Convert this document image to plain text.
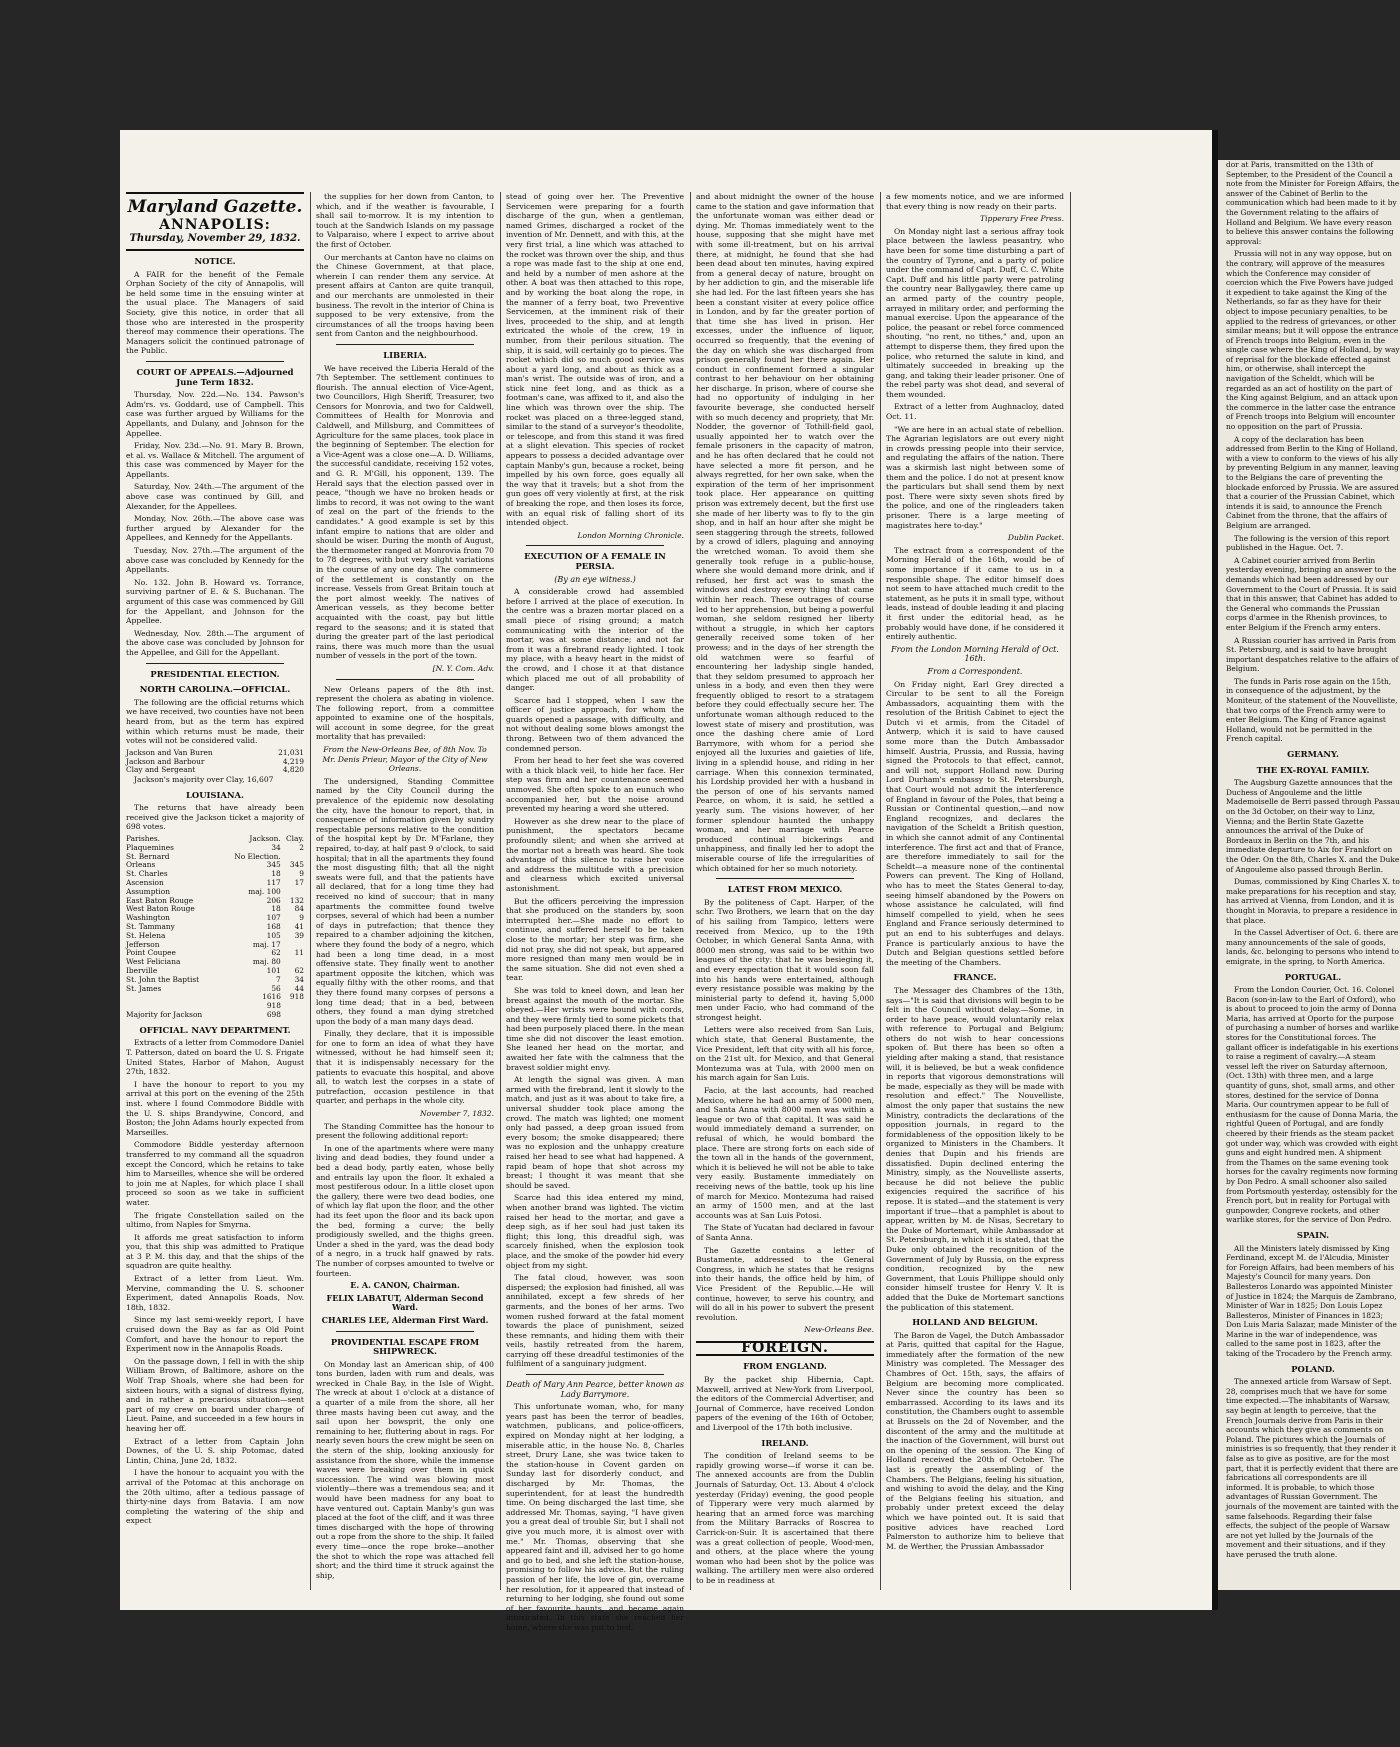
Maryland Gazette.
ANNAPOLIS:
Thursday, November 29, 1832.
NOTICE.

A FAIR for the benefit of the Female Orphan Society of the city of Annapolis, will be held some time in the ensuing winter at the usual place. The Managers of said Society, give this notice, in order that all those who are interested in the prosperity thereof may commence their operations. The Managers solicit the continued patronage of the Public.

COURT OF APPEALS.—Adjourned June Term 1832.

Thursday, Nov. 22d.—No. 134. Pawson's Adm'rs. vs. Goddard, use of Campbell. This case was further argued by Williams for the Appellants, and Dulany, and Johnson for the Appellee.

Friday, Nov. 23d.—No. 91. Mary B. Brown, et al. vs. Wallace & Mitchell. The argument of this case was commenced by Mayer for the Appellants.

Saturday, Nov. 24th.—The argument of the above case was continued by Gill, and Alexander, for the Appellees.

Monday, Nov. 26th.—The above case was further argued by Alexander for the Appellees, and Kennedy for the Appellants.

Tuesday, Nov. 27th.—The argument of the above case was concluded by Kennedy for the Appellants.

No. 132. John B. Howard vs. Torrance, surviving partner of E. & S. Buchanan. The argument of this case was commenced by Gill for the Appellant, and Johnson for the Appellee.

Wednesday, Nov. 28th.—The argument of the above case was concluded by Johnson for the Appellee, and Gill for the Appellant.

PRESIDENTIAL ELECTION.
NORTH CAROLINA.—OFFICIAL.

The following are the official returns which we have received, two counties have not been heard from, but as the term has expired within which returns must be made, their votes will not be considered valid.

Jackson and Van Buren	21,031
Jackson and Barbour	4,219
Clay and Sergeant	4,820

Jackson's majority over Clay, 16,607

LOUISIANA.

The returns that have already been received give the Jackson ticket a majority of 698 votes.

Parishes.	Jackson.	Clay.
Plaquemines	34	2
St. Bernard	No Election.	
Orleans	345	345
St. Charles	18	9
Ascension	117	17
Assumption	maj. 100	
East Baton Rouge	206	132
West Baton Rouge	18	84
Washington	107	9
St. Tammany	168	41
St. Helena	105	39
Jefferson	maj. 17	
Point Coupee	62	11
West Feliciana	maj. 80	
Iberville	101	62
St. John the Baptist	7	34
St. James	56	44
	1616	918
	918	
Majority for Jackson	698	
OFFICIAL. NAVY DEPARTMENT.

Extracts of a letter from Commodore Daniel T. Patterson, dated on board the U. S. Frigate United States, Harbor of Mahon, August 27th, 1832.

I have the honour to report to you my arrival at this port on the evening of the 25th inst. where I found Commodore Biddle with the U. S. ships Brandywine, Concord, and Boston; the John Adams hourly expected from Marseilles.

Commodore Biddle yesterday afternoon transferred to my command all the squadron except the Concord, which he retains to take him to Marseilles, whence she will be ordered to join me at Naples, for which place I shall proceed so soon as we take in sufficient water.

The frigate Constellation sailed on the ultimo, from Naples for Smyrna.

It affords me great satisfaction to inform you, that this ship was admitted to Pratique at 3 P. M. this day, and that the ships of the squadron are quite healthy.

Extract of a letter from Lieut. Wm. Mervine, commanding the U. S. schooner Experiment, dated Annapolis Roads, Nov. 18th, 1832.

Since my last semi-weekly report, I have cruised down the Bay as far as Old Point Comfort, and have the honour to report the Experiment now in the Annapolis Roads.

On the passage down, I fell in with the ship William Brown, of Baltimore, ashore on the Wolf Trap Shoals, where she had been for sixteen hours, with a signal of distress flying, and in rather a precarious situation—sent part of my crew on board under charge of Lieut. Paine, and succeeded in a few hours in heaving her off.

Extract of a letter from Captain John Downes, of the U. S. ship Potomac, dated Lintin, China, June 2d, 1832.

I have the honour to acquaint you with the arrival of the Potomac at this anchorage on the 20th ultimo, after a tedious passage of thirty-nine days from Batavia. I am now completing the watering of the ship and expect

the supplies for her down from Canton, to which, and if the weather is favourable, I shall sail to-morrow. It is my intention to touch at the Sandwich Islands on my passage to Valparaiso, where I expect to arrive about the first of October.

Our merchants at Canton have no claims on the Chinese Government, at that place, wherein I can render them any service. At present affairs at Canton are quite tranquil, and our merchants are unmolested in their business. The revolt in the interior of China is supposed to be very extensive, from the circumstances of all the troops having been sent from Canton and the neighbourhood.

LIBERIA.

We have received the Liberia Herald of the 7th September. The settlement continues to flourish. The annual election of Vice-Agent, two Councillors, High Sheriff, Treasurer, two Censors for Monrovia, and two for Caldwell, Committees of Health for Monrovia and Caldwell, and Millsburg, and Committees of Agriculture for the same places, took place in the beginning of September. The election for a Vice-Agent was a close one—A. D. Williams, the successful candidate, receiving 152 votes, and G. R. M'Gill, his opponent, 139. The Herald says that the election passed over in peace, "though we have no broken heads or limbs to record, it was not owing to the want of zeal on the part of the friends to the candidates." A good example is set by this infant empire to nations that are older and should be wiser. During the month of August, the thermometer ranged at Monrovia from 70 to 78 degrees, with but very slight variations in the course of any one day. The commerce of the settlement is constantly on the increase. Vessels from Great Britain touch at the port almost weekly. The natives of American vessels, as they become better acquainted with the coast, pay but little regard to the seasons; and it is stated that during the greater part of the last periodical rains, there was much more than the usual number of vessels in the port of the town.

[N. Y. Com. Adv.

New Orleans papers of the 8th inst. represent the cholera as abating in violence. The following report, from a committee appointed to examine one of the hospitals, will account in some degree, for the great mortality that has prevailed:

From the New-Orleans Bee, of 8th Nov. To Mr. Denis Prieur, Mayor of the City of New Orleans.

The undersigned, Standing Committee named by the City Council during the prevalence of the epidemic now desolating the city, have the honour to report, that, in consequence of information given by sundry respectable persons relative to the condition of the hospital kept by Dr. M'Farlane, they repaired, to-day, at half past 9 o'clock, to said hospital; that in all the apartments they found the most disgusting filth; that all the night sweats were full, and that the patients have all declared, that for a long time they had received no kind of succour; that in many apartments the committee found twelve corpses, several of which had been a number of days in putrefaction; that thence they repaired to a chamber adjoining the kitchen, where they found the body of a negro, which had been a long time dead, in a most offensive state. They finally went to another apartment opposite the kitchen, which was equally filthy with the other rooms, and that they there found many corpses of persons a long time dead; that in a bed, between others, they found a man dying stretched upon the body of a man many days dead.

Finally, they declare, that it is impossible for one to form an idea of what they have witnessed, without he had himself seen it; that it is indispensably necessary for the patients to evacuate this hospital, and above all, to watch lest the corpses in a state of putrefaction, occasion pestilence in that quarter, and perhaps in the whole city.

November 7, 1832.

The Standing Committee has the honour to present the following additional report:

In one of the apartments where were many living and dead bodies, they found under a bed a dead body, partly eaten, whose belly and entrails lay upon the floor. It exhaled a most pestiferous odour. In a little closet upon the gallery, there were two dead bodies, one of which lay flat upon the floor, and the other had its feet upon the floor and its back upon the bed, forming a curve; the belly prodigiously swelled, and the thighs green. Under a shed in the yard, was the dead body of a negro, in a truck half gnawed by rats. The number of corpses amounted to twelve or fourteen.

E. A. CANON, Chairman.
FELIX LABATUT, Alderman Second Ward.
CHARLES LEE, Alderman First Ward.
PROVIDENTIAL ESCAPE FROM SHIPWRECK.

On Monday last an American ship, of 400 tons burden, laden with rum and deals, was wrecked in Chale Bay, in the Isle of Wight. The wreck at about 1 o'clock at a distance of a quarter of a mile from the shore, all her three masts having been cut away, and the sail upon her bowsprit, the only one remaining to her, fluttering about in rags. For nearly seven hours the crew might be seen on the stern of the ship, looking anxiously for assistance from the shore, while the immense waves were breaking over them in quick succession. The wind was blowing most violently—there was a tremendous sea; and it would have been madness for any boat to have ventured out. Captain Manby's gun was placed at the foot of the cliff, and it was three times discharged with the hope of throwing out a rope from the shore to the ship. It failed every time—once the rope broke—another the shot to which the rope was attached fell short; and the third time it struck against the ship,

stead of going over her. The Preventive Servicemen were preparing for a fourth discharge of the gun, when a gentleman, named Grimes, discharged a rocket of the invention of Mr. Dennett, and with this, at the very first trial, a line which was attached to the rocket was thrown over the ship, and thus a rope was made fast to the ship at one end, and held by a number of men ashore at the other. A boat was then attached to this rope, and by working the boat along the rope, in the manner of a ferry boat, two Preventive Servicemen, at the imminent risk of their lives, proceeded to the ship, and at length extricated the whole of the crew, 19 in number, from their perilous situation. The ship, it is said, will certainly go to pieces. The rocket which did so much good service was about a yard long, and about as thick as a man's wrist. The outside was of iron, and a stick nine feet long, and as thick as a footman's cane, was affixed to it, and also the line which was thrown over the ship. The rocket was placed on a three-legged stand, similar to the stand of a surveyor's theodolite, or telescope, and from this stand it was fired at a slight elevation. This species of rocket appears to possess a decided advantage over captain Manby's gun, because a rocket, being impelled by his own force, goes equally all the way that it travels; but a shot from the gun goes off very violently at first, at the risk of breaking the rope, and then loses its force, with an equal risk of falling short of its intended object.

London Morning Chronicle.
EXECUTION OF A FEMALE IN PERSIA.
(By an eye witness.)

A considerable crowd had assembled before I arrived at the place of execution. In the centre was a brazen mortar placed on a small piece of rising ground; a match communicating with the interior of the mortar, was at some distance; and not far from it was a firebrand ready lighted. I took my place, with a heavy heart in the midst of the crowd, and I chose it at that distance which placed me out of all probability of danger.

Scarce had I stopped, when I saw the officer of justice approach, for whom the guards opened a passage, with difficulty, and not without dealing some blows amongst the throng. Between two of them advanced the condemned person.

From her head to her feet she was covered with a thick black veil, to hide her face. Her step was firm and her countenance seemed unmoved. She often spoke to an eunuch who accompanied her, but the noise around prevented my hearing a word she uttered.

However as she drew near to the place of punishment, the spectators became profoundly silent; and when she arrived at the mortar not a breath was heard. She took advantage of this silence to raise her voice and address the multitude with a precision and clearness which excited universal astonishment.

But the officers perceiving the impression that she produced on the standers by, soon interrupted her.—She made no effort to continue, and suffered herself to be taken close to the mortar; her step was firm, she did not pray, she did not speak, but appeared more resigned than many men would be in the same situation. She did not even shed a tear.

She was told to kneel down, and lean her breast against the mouth of the mortar. She obeyed.—Her wrists were bound with cords, and they were firmly tied to some pickets that had been purposely placed there. In the mean time she did not discover the least emotion. She leaned her head on the mortar, and awaited her fate with the calmness that the bravest soldier might envy.

At length the signal was given. A man armed with the firebrand, lent it slowly to the match, and just as it was about to take fire, a universal shudder took place among the crowd. The match was lighted; one moment only had passed, a deep groan issued from every bosom; the smoke disappeared; there was no explosion and the unhappy creature raised her head to see what had happened. A rapid beam of hope that shot across my breast; I thought it was meant that she should be saved.

Scarce had this idea entered my mind, when another brand was lighted. The victim raised her head to the mortar, and gave a deep sigh, as if her soul had just taken its flight; this long, this dreadful sigh, was scarcely finished, when the explosion took place, and the smoke of the powder hid every object from my sight.

The fatal cloud, however, was soon dispersed; the explosion had finished, all was annihilated, except a few shreds of her garments, and the bones of her arms. Two women rushed forward at the fatal moment towards the place of punishment, seized these remnants, and hiding them with their veils, hastily retreated from the harem, carrying off these dreadful testimonies of the fulfilment of a sanguinary judgment.

Death of Mary Ann Pearce, better known as Lady Barrymore.

This unfortunate woman, who, for many years past has been the terror of beadles, watchmen, publicans, and police-officers, expired on Monday night at her lodging, a miserable attic, in the house No. 8, Charles street, Drury Lane, she was twice taken to the station-house in Covent garden on Sunday last for disorderly conduct, and discharged by Mr. Thomas, the superintendent, for at least the hundredth time. On being discharged the last time, she addressed Mr. Thomas, saying, "I have given you a great deal of trouble Sir, but I shall not give you much more, it is almost over with me." Mr. Thomas, observing that she appeared faint and ill, advised her to go home and go to bed, and she left the station-house, promising to follow his advice. But the ruling passion of her life, the love of gin, overcame her resolution, for it appeared that instead of returning to her lodging, she found out some of her favourite haunts, and became again intoxicated. In this state she reached her home, where she was put to bed,

and about midnight the owner of the house came to the station and gave information that the unfortunate woman was either dead or dying. Mr. Thomas immediately went to the house, supposing that she might have met with some ill-treatment, but on his arrival there, at midnight, he found that she had been dead about ten minutes, having expired from a general decay of nature, brought on by her addiction to gin, and the miserable life she had led. For the last fifteen years she has been a constant visiter at every police office in London, and by far the greater portion of that time she has lived in prison. Her excesses, under the influence of liquor, occurred so frequently, that the evening of the day on which she was discharged from prison generally found her there again. Her conduct in confinement formed a singular contrast to her behaviour on her obtaining her discharge. In prison, where of course she had no opportunity of indulging in her favourite beverage, she conducted herself with so much decency and propriety, that Mr. Nodder, the governor of Tothill-field gaol, usually appointed her to watch over the female prisoners in the capacity of matron, and he has often declared that he could not have selected a more fit person, and he always regretted, for her own sake, when the expiration of the term of her imprisonment took place. Her appearance on quitting prison was extremely decent, but the first use she made of her liberty was to fly to the gin shop, and in half an hour after she might be seen staggering through the streets, followed by a crowd of idlers, plaguing and annoying the wretched woman. To avoid them she generally took refuge in a public-house, where she would demand more drink, and if refused, her first act was to smash the windows and destroy every thing that came within her reach. These outrages of course led to her apprehension, but being a powerful woman, she seldom resigned her liberty without a struggle, in which her captors generally received some token of her prowess; and in the days of her strength the old watchmen were so fearful of encountering her ladyship single handed, that they seldom presumed to approach her unless in a body, and even then they were frequently obliged to resort to a stratagem before they could effectually secure her. The unfortunate woman although reduced to the lowest state of misery and prostitution, was once the dashing chere amie of Lord Barrymore, with whom for a period she enjoyed all the luxuries and gaieties of life, living in a splendid house, and riding in her carriage. When this connexion terminated, his Lordship provided her with a husband in the person of one of his servants named Pearce, on whom, it is said, he settled a yearly sum. The visions however, of her former splendour haunted the unhappy woman, and her marriage with Pearce produced continual bickerings and unhappiness, and finally led her to adopt the miserable course of life the irregularities of which obtained for her so much notoriety.

LATEST FROM MEXICO.

By the politeness of Capt. Harper, of the schr. Two Brothers, we learn that on the day of his sailing from Tampico, letters were received from Mexico, up to the 19th October, in which General Santa Anna, with 8000 men strong, was said to be within two leagues of the city: that he was besieging it, and every expectation that it would soon fall into his hands were entertained, although every resistance possible was making by the ministerial party to defend it, having 5,000 men under Facio, who had command of the strongest height.

Letters were also received from San Luis, which state, that General Bustamente, the Vice President, left that city with all his force, on the 21st ult. for Mexico, and that General Montezuma was at Tula, with 2000 men on his march again for San Luis.

Facio, at the last accounts, had reached Mexico, where he had an army of 5000 men, and Santa Anna with 8000 men was within a league or two of that capital. It was said he would immediately demand a surrender, on refusal of which, he would bombard the place. There are strong forts on each side of the town all in the hands of the government, which it is believed he will not be able to take very easily. Bustamente immediately on receiving news of the battle, took up his line of march for Mexico. Montezuma had raised an army of 1500 men, and at the last accounts was at San Luis Potosi.

The State of Yucatan had declared in favour of Santa Anna.

The Gazette contains a letter of Bustamente, addressed to the General Congress, in which he states that he resigns into their hands, the office held by him, of Vice President of the Republic.—He will continue, however, to serve his country, and will do all in his power to subvert the present revolution.

New-Orleans Bee.
FOREIGN.
FROM ENGLAND.

By the packet ship Hibernia, Capt. Maxwell, arrived at New-York from Liverpool, the editors of the Commercial Advertiser, and Journal of Commerce, have received London papers of the evening of the 16th of October, and Liverpool of the 17th both inclusive.

IRELAND.

The condition of Ireland seems to be rapidly growing worse—if worse it can be. The annexed accounts are from the Dublin Journals of Saturday, Oct. 13. About 4 o'clock yesterday (Friday) evening, the good people of Tipperary were very much alarmed by hearing that an armed force was marching from the Military Barracks of Roscrea to Carrick-on-Suir. It is ascertained that there was a great collection of people, Wood-men, and others, at the place where the young woman who had been shot by the police was walking. The artillery men were also ordered to be in readiness at

a few moments notice, and we are informed that every thing is now ready on their parts.

Tipperary Free Press.

On Monday night last a serious affray took place between the lawless peasantry, who have been for some time disturbing a part of the country of Tyrone, and a party of police under the command of Capt. Duff, C. C. White Capt. Duff and his little party were patroling the country near Ballygawley, there came up an armed party of the country people, arrayed in military order, and performing the manual exercise. Upon the appearance of the police, the peasant or rebel force commenced shouting, "no rent, no tithes," and, upon an attempt to disperse them, they fired upon the police, who returned the salute in kind, and ultimately succeeded in breaking up the gang, and taking their leader prisoner. One of the rebel party was shot dead, and several of them wounded.

Extract of a letter from Aughnacloy, dated Oct. 11.

"We are here in an actual state of rebellion. The Agrarian legislators are out every night in crowds pressing people into their service, and regulating the affairs of the nation. There was a skirmish last night between some of them and the police. I do not at present know the particulars but shall send them by next post. There were sixty seven shots fired by the police, and one of the ringleaders taken prisoner. There is a large meeting of magistrates here to-day."

Dublin Packet.

The extract from a correspondent of the Morning Herald of the 16th, would be of some importance if it came to us in a responsible shape. The editor himself does not seem to have attached much credit to the statement, as he puts it in small type, without leads, instead of double leading it and placing it first under the editorial head, as he probably would have done, if he considered it entirely authentic.

From the London Morning Herald of Oct. 16th.
From a Correspondent.

On Friday night, Earl Grey directed a Circular to be sent to all the Foreign Ambassadors, acquainting them with the resolution of the British Cabinet to eject the Dutch vi et armis, from the Citadel of Antwerp, which it is said to have caused some more than the Dutch Ambassador himself. Austria, Prussia, and Russia, having signed the Protocols to that effect, cannot, and will not, support Holland now. During Lord Durham's embassy to St. Petersburgh, that Court would not admit the interference of England in favour of the Poles, that being a Russian or Continental question,—and now England recognizes, and declares the navigation of the Scheldt a British question, in which she cannot admit of any Continental interference. The first act and that of France, are therefore immediately to sail for the Scheldt—a measure none of the continental Powers can prevent. The King of Holland, who has to meet the States General to-day, seeing himself abandoned by the Powers on whose assistance he calculated, will find himself compelled to yield, when he sees England and France seriously determined to put an end to his subterfuges and delays. France is particularly anxious to have the Dutch and Belgian questions settled before the meeting of the Chambers.

FRANCE.

The Messager des Chambres of the 13th, says—"It is said that divisions will begin to be felt in the Council without delay.—Some, in order to have peace, would voluntarily relax with reference to Portugal and Belgium; others do not wish to hear concessions spoken of. But there has been so often a yielding after making a stand, that resistance will, it is believed, be but a weak confidence in reports that vigorous demonstrations will be made, especially as they will be made with resolution and effect." The Nouvelliste, almost the only paper that sustains the new Ministry, contradicts the declarations of the opposition journals, in regard to the formidableness of the opposition likely to be organized to Ministers in the Chambers. It denies that Dupin and his friends are dissatisfied. Dupin declined entering the Ministry, simply, as the Nouvelliste asserts, because he did not believe the public exigencies required the sacrifice of his repose. It is stated—and the statement is very important if true—that a pamphlet is about to appear, written by M. de Nisas, Secretary to the Duke of Mortemart, while Ambassador at St. Petersburgh, in which it is stated, that the Duke only obtained the recognition of the Government of July by Russia, on the express condition, recognized by the new Government, that Louis Phillippe should only consider himself trustee for Henry V. It is added that the Duke de Mortemart sanctions the publication of this statement.

HOLLAND AND BELGIUM.

The Baron de Vagel, the Dutch Ambassador at Paris, quitted that capital for the Hague, immediately after the formation of the new Ministry was completed. The Messager des Chambres of Oct. 15th, says, the affairs of Belgium are becoming more complicated. Never since the country has been so embarrassed. According to its laws and its constitution, the Chambers ought to assemble at Brussels on the 2d of November, and the discontent of the army and the multitude at the inaction of the Government, will burst out on the opening of the session. The King of Holland received the 20th of October. The last is greatly the assembling of the Chambers. The Belgians, feeling his situation, and wishing to avoid the delay, and the King of the Belgians feeling his situation, and probably under pretext exceed the delay which we have pointed out. It is said that positive advices have reached Lord Palmerston to authorize him to believe that M. de Werther, the Prussian Ambassador

dor at Paris, transmitted on the 13th of September, to the President of the Council a note from the Minister for Foreign Affairs, the answer of the Cabinet of Berlin to the communication which had been made to it by the Government relating to the affairs of Holland and Belgium. We have every reason to believe this answer contains the following approval:

Prussia will not in any way oppose, but on the contrary, will approve of the measures which the Conference may consider of coercion which the Five Powers have judged it expedient to take against the King of the Netherlands, so far as they have for their object to impose pecuniary penalties, to be applied to the redress of grievances, or other similar means; but it will oppose the entrance of French troops into Belgium, even in the single case where the King of Holland, by way of reprisal for the blockade effected against him, or otherwise, shall intercept the navigation of the Scheldt, which will be regarded as an act of hostility on the part of the King against Belgium, and an attack upon the commerce in the latter case the entrance of French troops into Belgium will encounter no opposition on the part of Prussia.

A copy of the declaration has been addressed from Berlin to the King of Holland, with a view to conform to the views of his ally by preventing Belgium in any manner, leaving to the Belgians the care of preventing the blockade enforced by Prussia. We are assured that a courier of the Prussian Cabinet, which intends it is said, to announce the French Cabinet from the throne, that the affairs of Belgium are arranged.

The following is the version of this report published in the Hague. Oct. 7.

A Cabinet courier arrived from Berlin yesterday evening, bringing an answer to the demands which had been addressed by our Government to the Court of Prussia. It is said that in this answer, that Cabinet has added to the General who commands the Prussian corps d'armee in the Rhenish provinces, to enter Belgium if the French army enters.

A Russian courier has arrived in Paris from St. Petersburg, and is said to have brought important despatches relative to the affairs of Belgium.

The funds in Paris rose again on the 15th, in consequence of the adjustment, by the Moniteur, of the statement of the Nouvelliste, that two corps of the French army were to enter Belgium. The King of France against Holland, would not be permitted in the French capital.

GERMANY.
THE EX-ROYAL FAMILY.

The Augsburg Gazette announces that the Duchess of Angouleme and the little Mademoiselle de Berri passed through Passau on the 3d October, on their way to Linz, Vienna; and the Berlin State Gazette announces the arrival of the Duke of Bordeaux in Berlin on the 7th, and his immediate departure to Aix for Frankfort on the Oder. On the 8th, Charles X. and the Duke of Angouleme also passed through Berlin.

Dumas, commissioned by King Charles X. to make preparations for his reception and stay, has arrived at Vienna, from London, and it is thought in Moravia, to prepare a residence in that place.

In the Cassel Advertiser of Oct. 6. there are many announcements of the sale of goods, lands, &c. belonging to persons who intend to emigrate, in the spring, to North America.

PORTUGAL.

From the London Courier, Oct. 16. Colonel Bacon (son-in-law to the Earl of Oxford), who is about to proceed to join the army of Donna Maria, has arrived at Oporto for the purpose of purchasing a number of horses and warlike stores for the Constitutional forces. The gallant officer is indefatigable in his exertions to raise a regiment of cavalry.—A steam vessel left the river on Saturday afternoon, (Oct. 13th) with three men, and a large quantity of guns, shot, small arms, and other stores, destined for the service of Donna Maria. Our countrymen appear to be full of enthusiasm for the cause of Donna Maria, the rightful Queen of Portugal, and are fondly cheered by their friends as the steam packet got under way, which was crowded with eight guns and eight hundred men. A shipment from the Thames on the same evening took horses for the cavalry regiments now forming by Don Pedro. A small schooner also sailed from Portsmouth yesterday, ostensibly for the French port, but in reality for Portugal with gunpowder, Congreve rockets, and other warlike stores, for the service of Don Pedro.

SPAIN.

All the Ministers lately dismissed by King Ferdinand, except M. de l'Alcudia, Minister for Foreign Affairs, had been members of his Majesty's Council for many years. Don Ballesteros Lonardo was appointed Minister of Justice in 1824; the Marquis de Zambrano, Minister of War in 1825; Don Louis Lopez Ballesteros, Minister of Finances in 1823; Don Luis Maria Salazar, made Minister of the Marine in the war of independence, was called to the same post in 1823, after the taking of the Trocadero by the French army.

POLAND.

The annexed article from Warsaw of Sept. 28, comprises much that we have for some time expected.—The inhabitants of Warsaw, say begin at length to perceive, that the French Journals derive from Paris in their accounts which they give as comments on Poland. The pictures which the Journals of ministries is so frequently, that they render it false as to give as positive, are for the most part, that it is perfectly evident that there are fabrications all correspondents are ill informed. It is probable, to which those advantages of Russian Government. The journals of the movement are tainted with the same falsehoods. Regarding their false effects, the subject of the people of Warsaw are not yet lulled by the Journals of the movement and their situations, and if they have perused the truth alone.
